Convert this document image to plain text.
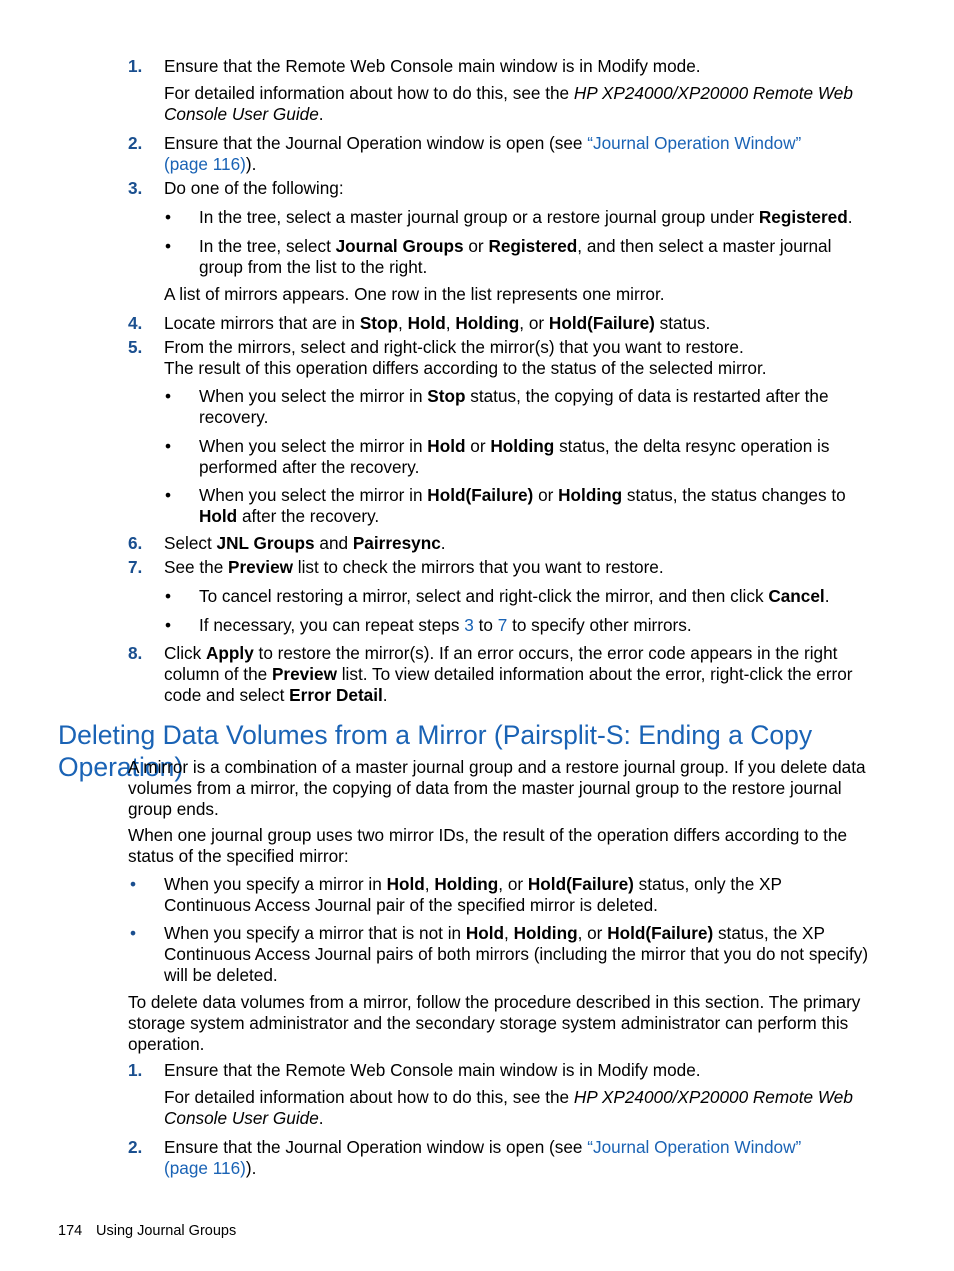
1. Ensure that the Remote Web Console main window is in Modify mode.
For detailed information about how to do this, see the HP XP24000/XP20000 Remote Web Console User Guide.
2. Ensure that the Journal Operation window is open (see “Journal Operation Window” (page 116)).
3. Do one of the following:
•	In the tree, select a master journal group or a restore journal group under Registered.
•	In the tree, select Journal Groups or Registered, and then select a master journal group from the list to the right.
A list of mirrors appears. One row in the list represents one mirror.
4. Locate mirrors that are in Stop, Hold, Holding, or Hold(Failure) status.
5. From the mirrors, select and right-click the mirror(s) that you want to restore.
The result of this operation differs according to the status of the selected mirror.
•	When you select the mirror in Stop status, the copying of data is restarted after the recovery.
•	When you select the mirror in Hold or Holding status, the delta resync operation is performed after the recovery.
•	When you select the mirror in Hold(Failure) or Holding status, the status changes to Hold after the recovery.
6. Select JNL Groups and Pairresync.
7. See the Preview list to check the mirrors that you want to restore.
•	To cancel restoring a mirror, select and right-click the mirror, and then click Cancel.
•	If necessary, you can repeat steps 3 to 7 to specify other mirrors.
8. Click Apply to restore the mirror(s). If an error occurs, the error code appears in the right column of the Preview list. To view detailed information about the error, right-click the error code and select Error Detail.
Deleting Data Volumes from a Mirror (Pairsplit-S: Ending a Copy Operation)
A mirror is a combination of a master journal group and a restore journal group. If you delete data volumes from a mirror, the copying of data from the master journal group to the restore journal group ends.
When one journal group uses two mirror IDs, the result of the operation differs according to the status of the specified mirror:
•	When you specify a mirror in Hold, Holding, or Hold(Failure) status, only the XP Continuous Access Journal pair of the specified mirror is deleted.
•	When you specify a mirror that is not in Hold, Holding, or Hold(Failure) status, the XP Continuous Access Journal pairs of both mirrors (including the mirror that you do not specify) will be deleted.
To delete data volumes from a mirror, follow the procedure described in this section. The primary storage system administrator and the secondary storage system administrator can perform this operation.
1. Ensure that the Remote Web Console main window is in Modify mode.
For detailed information about how to do this, see the HP XP24000/XP20000 Remote Web Console User Guide.
2. Ensure that the Journal Operation window is open (see “Journal Operation Window” (page 116)).
174 Using Journal Groups
